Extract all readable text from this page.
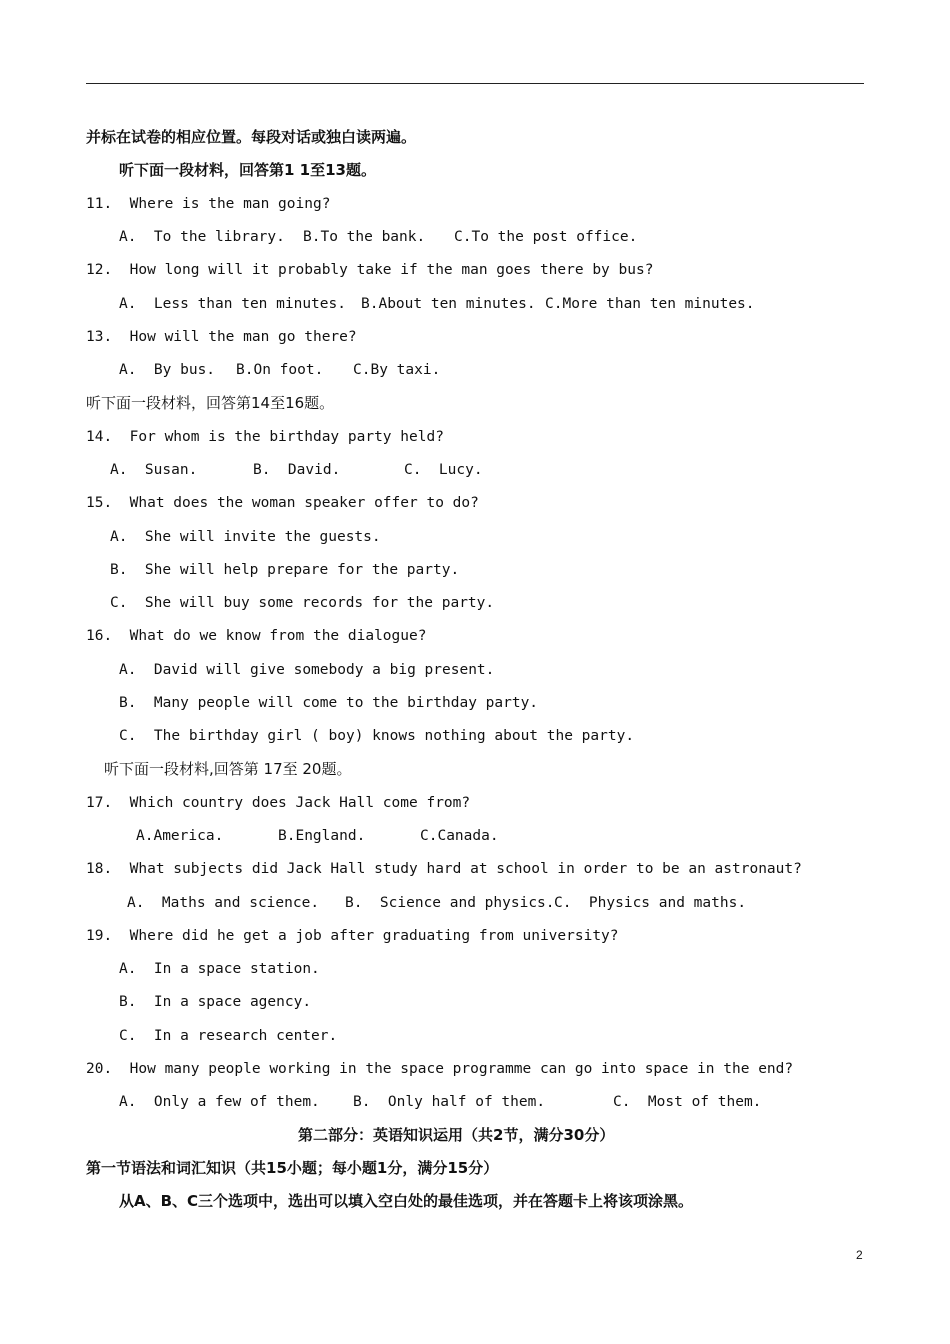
并标在试卷的相应位置。每段对话或独白读两遍。
听下面一段材料，回答第1 1至13题。
11.  Where is the man going?
A.  To the library. B.To the bank. C.To the post office.
12.  How long will it probably take if the man goes there by bus?
A.  Less than ten minutes. B.About ten minutes. C.More than ten minutes.
13.  How will the man go there?
A.  By bus. B.On foot. C.By taxi.
听下面一段材料，回答第14至16题。
14.  For whom is the birthday party held?
A.  Susan.	B.  David.	C.  Lucy.
15.  What does the woman speaker offer to do?
A.  She will invite the guests.
B.  She will help prepare for the party.
C.  She will buy some records for the party.
16.  What do we know from the dialogue?
A.  David will give somebody a big present.
B.  Many people will come to the birthday party.
C.  The birthday girl ( boy) knows nothing about the party.
听下面一段材料,回答第 17至 20题。
17.  Which country does Jack Hall come from?
A.America.	B.England.	C.Canada.
18.  What subjects did Jack Hall study hard at school in order to be an astronaut?
A.  Maths and science. B.  Science and physics. C.  Physics and maths.
19.  Where did he get a job after graduating from university?
A.  In a space station.
B.  In a space agency.
C.  In a research center.
20.  How many people working in the space programme can go into space in the end?
A.  Only a few of them. B.  Only half of them.	C.  Most of them.
第二部分：英语知识运用（共2节，满分30分）
第一节语法和词汇知识（共15小题；每小题1分，满分15分）
从A、B、C三个选项中，选出可以填入空白处的最佳选项，并在答题卡上将该项涂黑。
2
